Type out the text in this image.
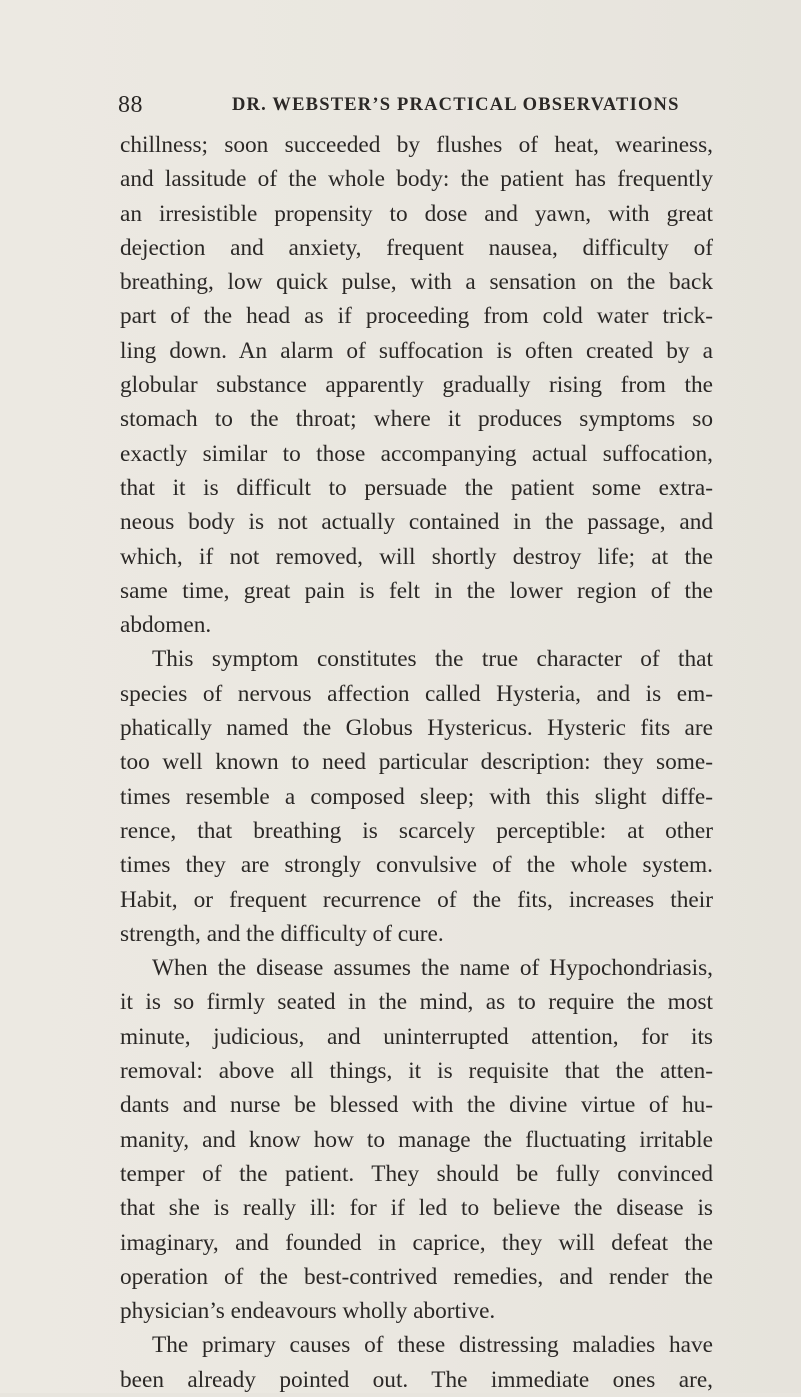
88	DR. WEBSTER’S PRACTICAL OBSERVATIONS
chillness; soon succeeded by flushes of heat, weariness,
and lassitude of the whole body: the patient has frequently
an irresistible propensity to dose and yawn, with great
dejection and anxiety, frequent nausea, difficulty of
breathing, low quick pulse, with a sensation on the back
part of the head as if proceeding from cold water trick-
ling down. An alarm of suffocation is often created by a
globular substance apparently gradually rising from the
stomach to the throat; where it produces symptoms so
exactly similar to those accompanying actual suffocation,
that it is difficult to persuade the patient some extra-
neous body is not actually contained in the passage, and
which, if not removed, will shortly destroy life; at the
same time, great pain is felt in the lower region of the
abdomen.
This symptom constitutes the true character of that
species of nervous affection called Hysteria, and is em-
phatically named the Globus Hystericus. Hysteric fits are
too well known to need particular description: they some-
times resemble a composed sleep; with this slight diffe-
rence, that breathing is scarcely perceptible: at other
times they are strongly convulsive of the whole system.
Habit, or frequent recurrence of the fits, increases their
strength, and the difficulty of cure.
When the disease assumes the name of Hypochondriasis,
it is so firmly seated in the mind, as to require the most
minute, judicious, and uninterrupted attention, for its
removal: above all things, it is requisite that the atten-
dants and nurse be blessed with the divine virtue of hu-
manity, and know how to manage the fluctuating irritable
temper of the patient. They should be fully convinced
that she is really ill: for if led to believe the disease is
imaginary, and founded in caprice, they will defeat the
operation of the best-contrived remedies, and render the
physician’s endeavours wholly abortive.
The primary causes of these distressing maladies have
been already pointed out. The immediate ones are,
